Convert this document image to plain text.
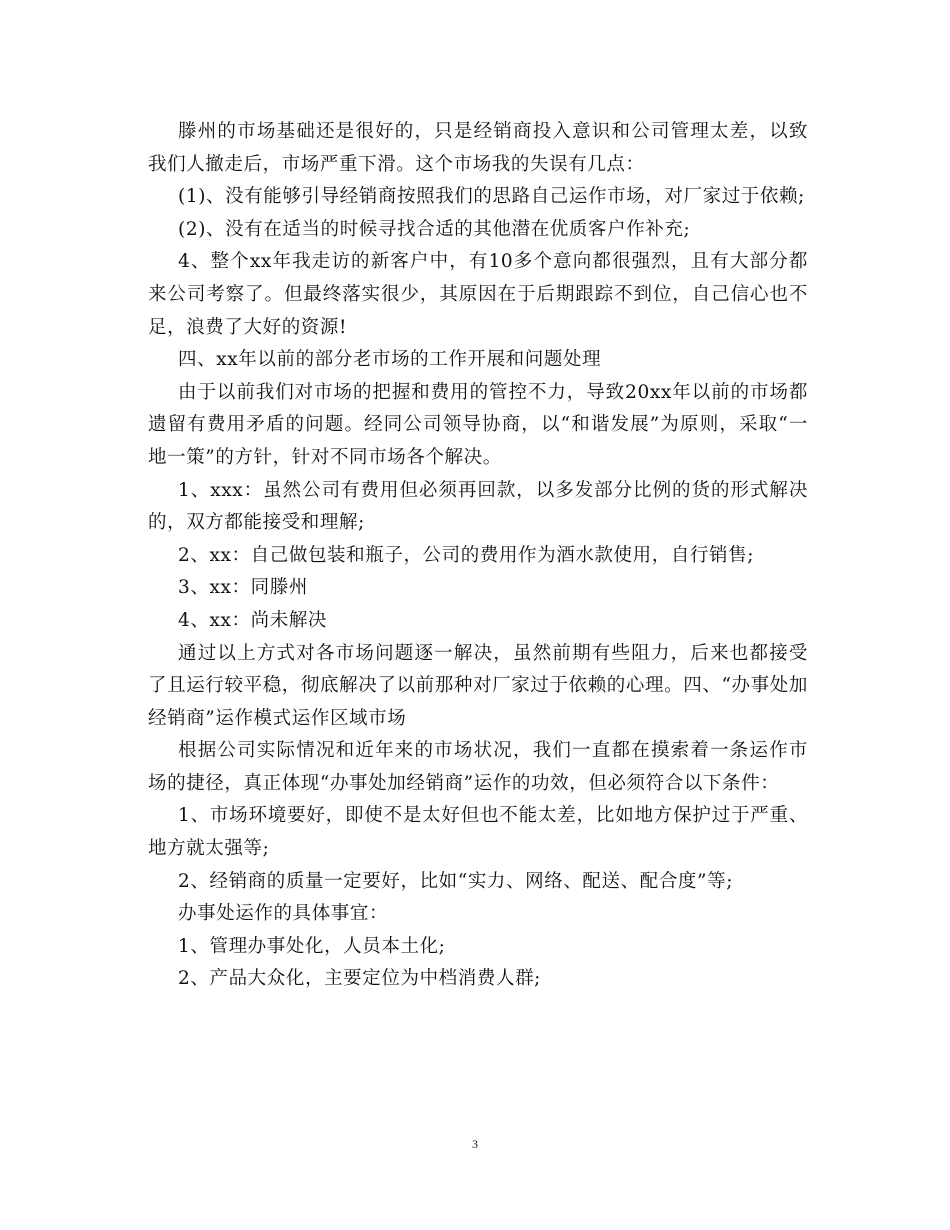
滕州的市场基础还是很好的，只是经销商投入意识和公司管理太差，以致我们人撤走后，市场严重下滑。这个市场我的失误有几点：

(1)、没有能够引导经销商按照我们的思路自己运作市场，对厂家过于依赖;

(2)、没有在适当的时候寻找合适的其他潜在优质客户作补充;

4、整个xx年我走访的新客户中，有10多个意向都很强烈，且有大部分都来公司考察了。但最终落实很少，其原因在于后期跟踪不到位，自己信心也不足，浪费了大好的资源!

四、xx年以前的部分老市场的工作开展和问题处理

由于以前我们对市场的把握和费用的管控不力，导致20xx年以前的市场都遗留有费用矛盾的问题。经同公司领导协商，以“和谐发展”为原则，采取“一地一策”的方针，针对不同市场各个解决。

1、xxx：虽然公司有费用但必须再回款，以多发部分比例的货的形式解决的，双方都能接受和理解;

2、xx：自己做包装和瓶子，公司的费用作为酒水款使用，自行销售;

3、xx：同滕州

4、xx：尚未解决

通过以上方式对各市场问题逐一解决，虽然前期有些阻力，后来也都接受了且运行较平稳，彻底解决了以前那种对厂家过于依赖的心理。四、“办事处加经销商”运作模式运作区域市场

根据公司实际情况和近年来的市场状况，我们一直都在摸索着一条运作市场的捷径，真正体现“办事处加经销商”运作的功效，但必须符合以下条件：

1、市场环境要好，即使不是太好但也不能太差，比如地方保护过于严重、地方就太强等;

2、经销商的质量一定要好，比如“实力、网络、配送、配合度”等;

办事处运作的具体事宜：

1、管理办事处化，人员本土化;

2、产品大众化，主要定位为中档消费人群;

3
